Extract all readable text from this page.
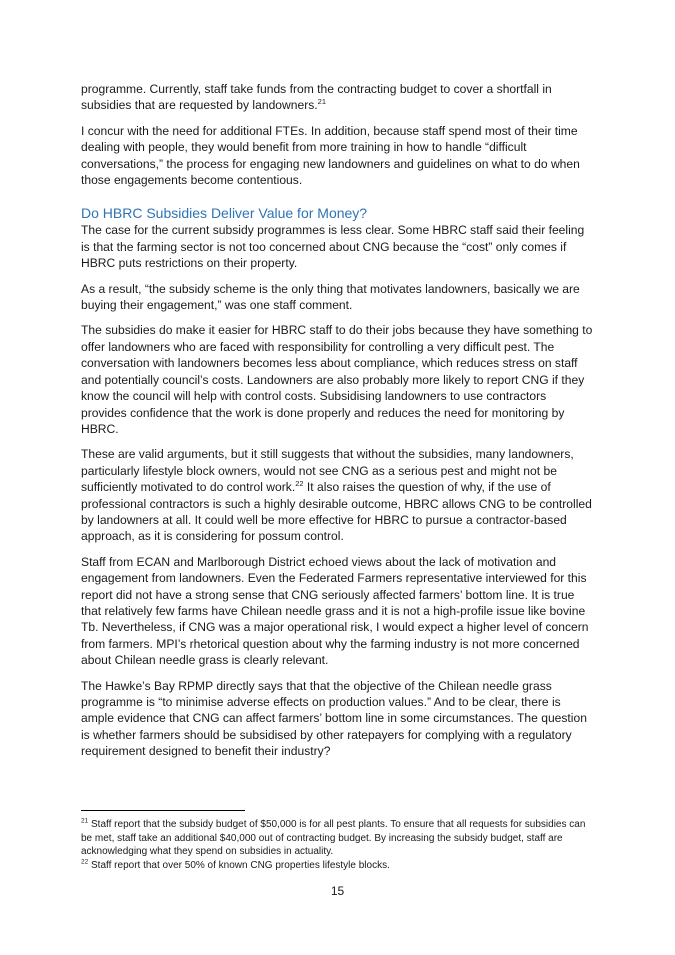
programme. Currently, staff take funds from the contracting budget to cover a shortfall in subsidies that are requested by landowners.$^{21}$

I concur with the need for additional FTEs. In addition, because staff spend most of their time dealing with people, they would benefit from more training in how to handle “difficult conversations,” the process for engaging new landowners and guidelines on what to do when those engagements become contentious.

Do HBRC Subsidies Deliver Value for Money?

The case for the current subsidy programmes is less clear. Some HBRC staff said their feeling is that the farming sector is not too concerned about CNG because the “cost” only comes if HBRC puts restrictions on their property.

As a result, “the subsidy scheme is the only thing that motivates landowners, basically we are buying their engagement,” was one staff comment.

The subsidies do make it easier for HBRC staff to do their jobs because they have something to offer landowners who are faced with responsibility for controlling a very difficult pest. The conversation with landowners becomes less about compliance, which reduces stress on staff and potentially council’s costs. Landowners are also probably more likely to report CNG if they know the council will help with control costs. Subsidising landowners to use contractors provides confidence that the work is done properly and reduces the need for monitoring by HBRC.

These are valid arguments, but it still suggests that without the subsidies, many landowners, particularly lifestyle block owners, would not see CNG as a serious pest and might not be sufficiently motivated to do control work.$^{22}$ It also raises the question of why, if the use of professional contractors is such a highly desirable outcome, HBRC allows CNG to be controlled by landowners at all. It could well be more effective for HBRC to pursue a contractor-based approach, as it is considering for possum control.

Staff from ECAN and Marlborough District echoed views about the lack of motivation and engagement from landowners. Even the Federated Farmers representative interviewed for this report did not have a strong sense that CNG seriously affected farmers’ bottom line. It is true that relatively few farms have Chilean needle grass and it is not a high-profile issue like bovine Tb. Nevertheless, if CNG was a major operational risk, I would expect a higher level of concern from farmers. MPI’s rhetorical question about why the farming industry is not more concerned about Chilean needle grass is clearly relevant.

The Hawke’s Bay RPMP directly says that that the objective of the Chilean needle grass programme is “to minimise adverse effects on production values.” And to be clear, there is ample evidence that CNG can affect farmers’ bottom line in some circumstances. The question is whether farmers should be subsidised by other ratepayers for complying with a regulatory requirement designed to benefit their industry?

$^{21}$ Staff report that the subsidy budget of $50,000 is for all pest plants. To ensure that all requests for subsidies can be met, staff take an additional $40,000 out of contracting budget. By increasing the subsidy budget, staff are acknowledging what they spend on subsidies in actuality.

$^{22}$ Staff report that over 50% of known CNG properties lifestyle blocks.

15
